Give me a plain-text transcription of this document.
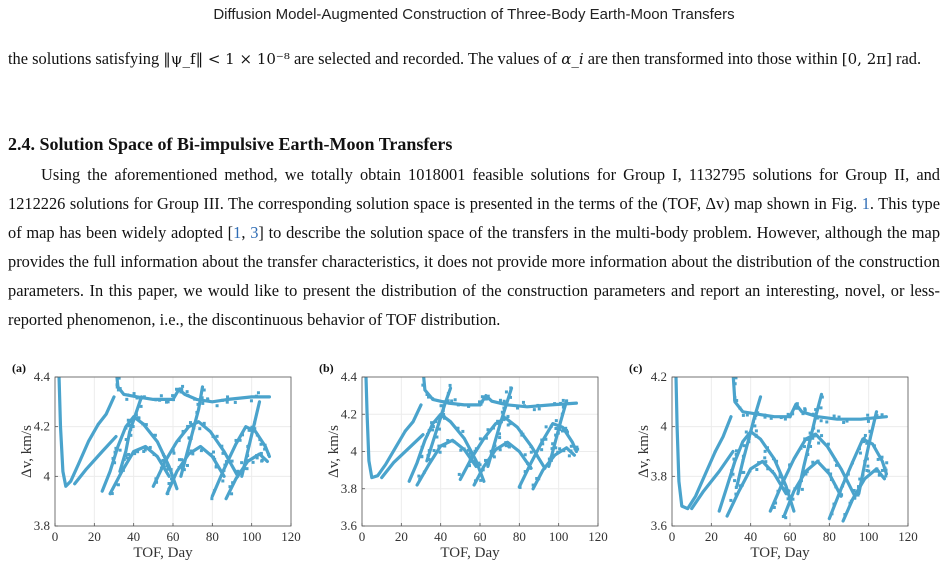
Diffusion Model-Augmented Construction of Three-Body Earth-Moon Transfers
the solutions satisfying ‖ψ_f‖ < 1 × 10⁻⁸ are selected and recorded. The values of α_i are then transformed into those within [0, 2π] rad.
2.4. Solution Space of Bi-impulsive Earth-Moon Transfers
Using the aforementioned method, we totally obtain 1018001 feasible solutions for Group I, 1132795 solutions for Group II, and 1212226 solutions for Group III. The corresponding solution space is presented in the terms of the (TOF, Δv) map shown in Fig. 1. This type of map has been widely adopted [1, 3] to describe the solution space of the transfers in the multi-body problem. However, although the map provides the full information about the transfer characteristics, it does not provide more information about the distribution of the construction parameters. In this paper, we would like to present the distribution of the construction parameters and report an interesting, novel, or less-reported phenomenon, i.e., the discontinuous behavior of TOF distribution.
0 20 40 60 80 100 120
3.8
4
4.2
4.4
TOF, Day
Δv, km/s
(a)
0 20 40 60 80 100 120
3.6
3.8
4
4.2
4.4
TOF, Day
Δv, km/s
(b)
0 20 40 60 80 100 120
3.6
3.8
4
4.2
TOF, Day
Δv, km/s
(c)
